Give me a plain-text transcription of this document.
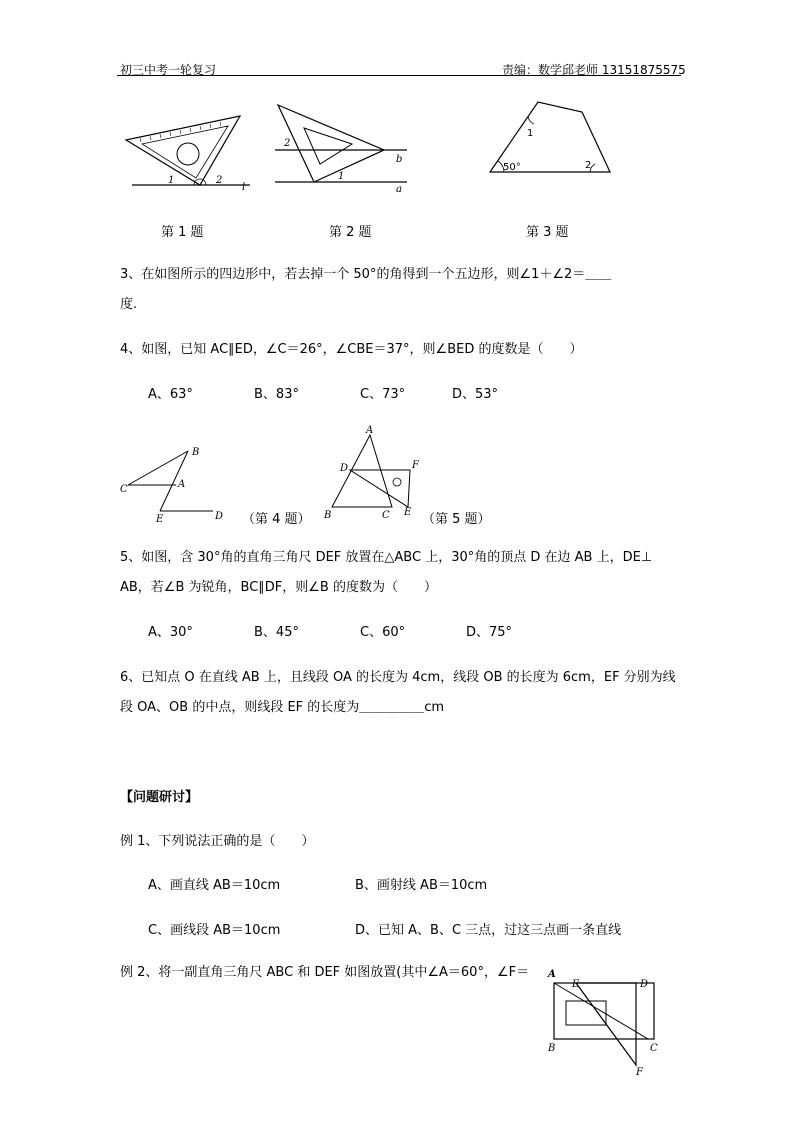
初三中考一轮复习	责编：数学邱老师 13151875575
1	2
l
第 1 题
2
1
b
a
第 2 题
1
50°	2
第 3 题
3、在如图所示的四边形中，若去掉一个 50°的角得到一个五边形，则∠1＋∠2＝＿＿
度.
4、如图，已知 AC∥ED，∠C＝26°，∠CBE＝37°，则∠BED 的度数是（　　）
A、63°	B、83°	C、73°	D、53°
B
C	A
E	D （第 4 题）
A
D	F
B	C E （第 5 题）
5、如图，含 30°角的直角三角尺 DEF 放置在△ABC 上，30°角的顶点 D 在边 AB 上，DE⊥
AB，若∠B 为锐角，BC∥DF，则∠B 的度数为（　　）
A、30°	B、45°	C、60°	D、75°
6、已知点 O 在直线 AB 上，且线段 OA 的长度为 4cm，线段 OB 的长度为 6cm，EF 分别为线
段 OA、OB 的中点，则线段 EF 的长度为＿＿＿＿＿cm
【问题研讨】
例 1、下列说法正确的是（　　）
A、画直线 AB＝10cm	B、画射线 AB＝10cm
C、画线段 AB＝10cm	D、已知 A、B、C 三点，过这三点画一条直线
例 2、将一副直角三角尺 ABC 和 DEF 如图放置(其中∠A＝60°，∠F＝ A
E	D
B	C
F
